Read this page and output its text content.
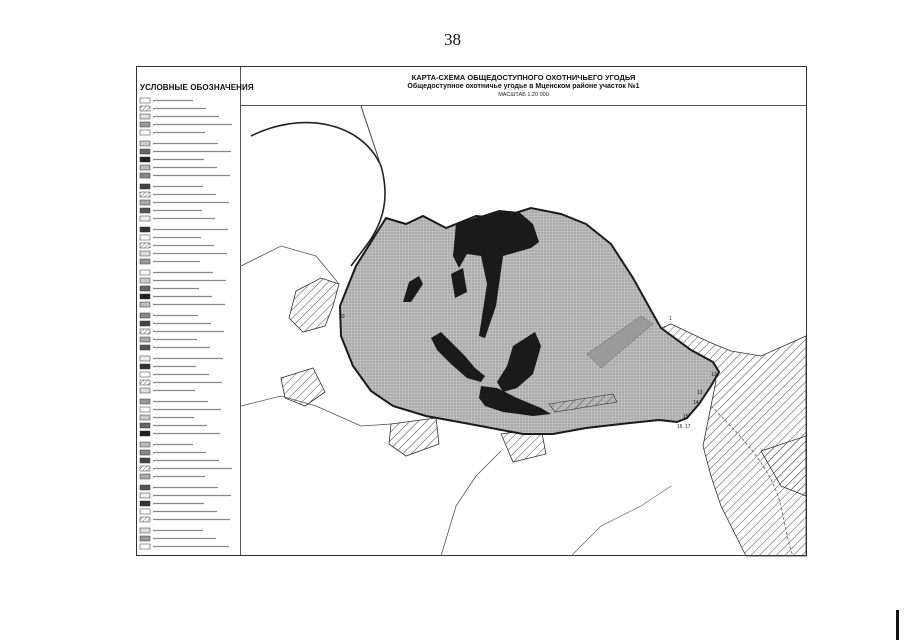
38
УСЛОВНЫЕ ОБОЗНАЧЕНИЯ
КАРТА-СХЕМА ОБЩЕДОСТУПНОГО ОХОТНИЧЬЕГО УГОДЬЯ
Общедоступное охотничье угодье в Мценском районе участок №1
МАСШТАБ 1:20 000
20	1
12
13
14
15
16 17
